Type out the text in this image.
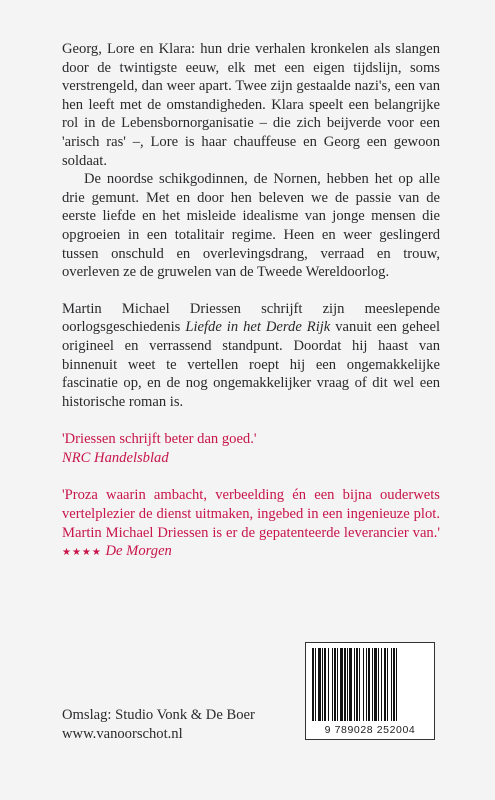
Georg, Lore en Klara: hun drie verhalen kronkelen als slangen door de twintigste eeuw, elk met een eigen tijdslijn, soms verstrengeld, dan weer apart. Twee zijn gestaalde nazi's, een van hen leeft met de omstandigheden. Klara speelt een belangrijke rol in de Lebensbornorganisatie – die zich beijverde voor een 'arisch ras' –, Lore is haar chauffeuse en Georg een gewoon soldaat.

De noordse schikgodinnen, de Nornen, hebben het op alle drie gemunt. Met en door hen beleven we de passie van de eerste liefde en het misleide idealisme van jonge mensen die opgroeien in een totalitair regime. Heen en weer geslingerd tussen onschuld en overlevingsdrang, verraad en trouw, overleven ze de gruwelen van de Tweede Wereldoorlog.

Martin Michael Driessen schrijft zijn meeslepende oorlogsgeschiedenis Liefde in het Derde Rijk vanuit een geheel origineel en verrassend standpunt. Doordat hij haast van binnenuit weet te vertellen roept hij een ongemakkelijke fascinatie op, en de nog ongemakkelijker vraag of dit wel een historische roman is.

'Driessen schrijft beter dan goed.'
NRC Handelsblad

'Proza waarin ambacht, verbeelding én een bijna ouderwets vertelplezier de dienst uitmaken, ingebed in een ingenieuze plot. Martin Michael Driessen is er de gepatenteerde leverancier van.' ★★★★ De Morgen

Omslag: Studio Vonk & De Boer
www.vanoorschot.nl	9 789028 252004
